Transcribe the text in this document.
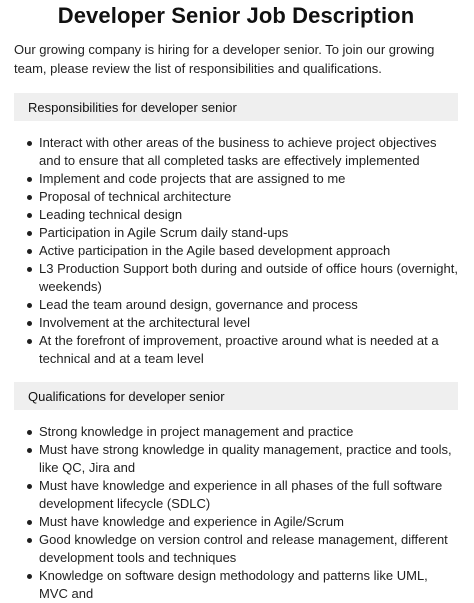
Developer Senior Job Description

Our growing company is hiring for a developer senior. To join our growing team, please review the list of responsibilities and qualifications.

Responsibilities for developer senior
Interact with other areas of the business to achieve project objectives and to ensure that all completed tasks are effectively implemented
Implement and code projects that are assigned to me
Proposal of technical architecture
Leading technical design
Participation in Agile Scrum daily stand-ups
Active participation in the Agile based development approach
L3 Production Support both during and outside of office hours (overnight, weekends)
Lead the team around design, governance and process
Involvement at the architectural level
At the forefront of improvement, proactive around what is needed at a technical and at a team level
Qualifications for developer senior
Strong knowledge in project management and practice
Must have strong knowledge in quality management, practice and tools, like QC, Jira and
Must have knowledge and experience in all phases of the full software development lifecycle (SDLC)
Must have knowledge and experience in Agile/Scrum
Good knowledge on version control and release management, different development tools and techniques
Knowledge on software design methodology and patterns like UML, MVC and
